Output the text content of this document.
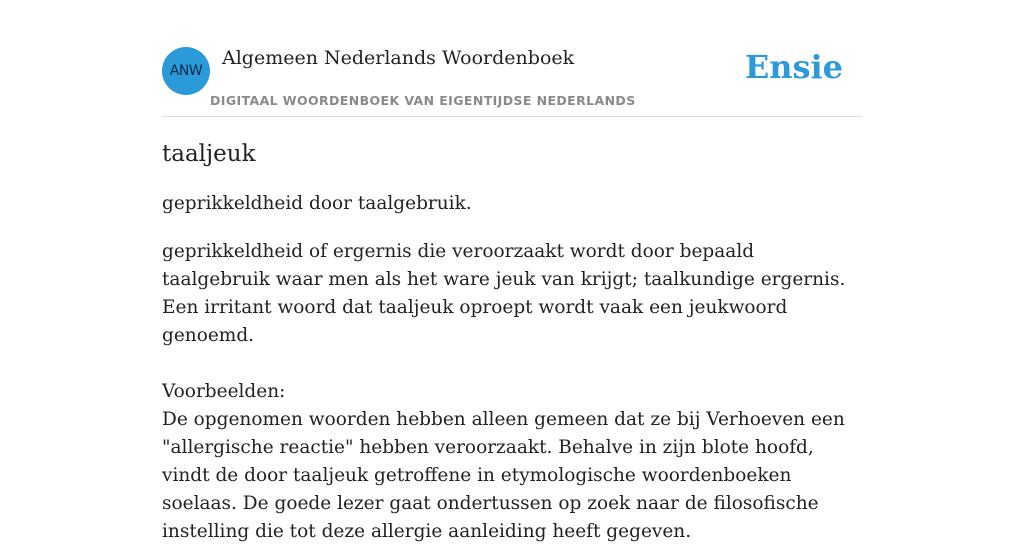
ANW
Algemeen Nederlands Woordenboek
DIGITAAL WOORDENBOEK VAN EIGENTIJDSE NEDERLANDS
Ensie
taaljeuk

geprikkeldheid door taalgebruik.

geprikkeldheid of ergernis die veroorzaakt wordt door bepaald taalgebruik waar men als het ware jeuk van krijgt; taalkundige ergernis.

Een irritant woord dat taaljeuk oproept wordt vaak een jeukwoord genoemd.

Voorbeelden:

De opgenomen woorden hebben alleen gemeen dat ze bij Verhoeven een "allergische reactie" hebben veroorzaakt. Behalve in zijn blote hoofd, vindt de door taaljeuk getroffene in etymologische woordenboeken soelaas. De goede lezer gaat ondertussen op zoek naar de filosofische instelling die tot deze allergie aanleiding heeft gegeven.
